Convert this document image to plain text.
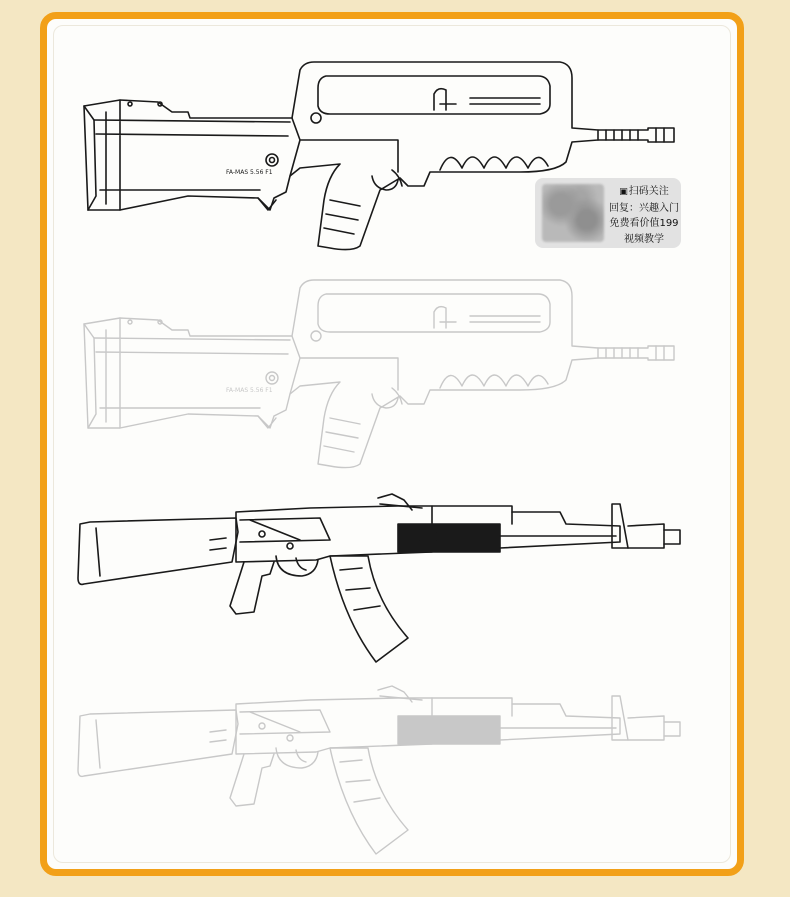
▣扫码关注
回复：兴趣入门
免费看价值199
视频教学
